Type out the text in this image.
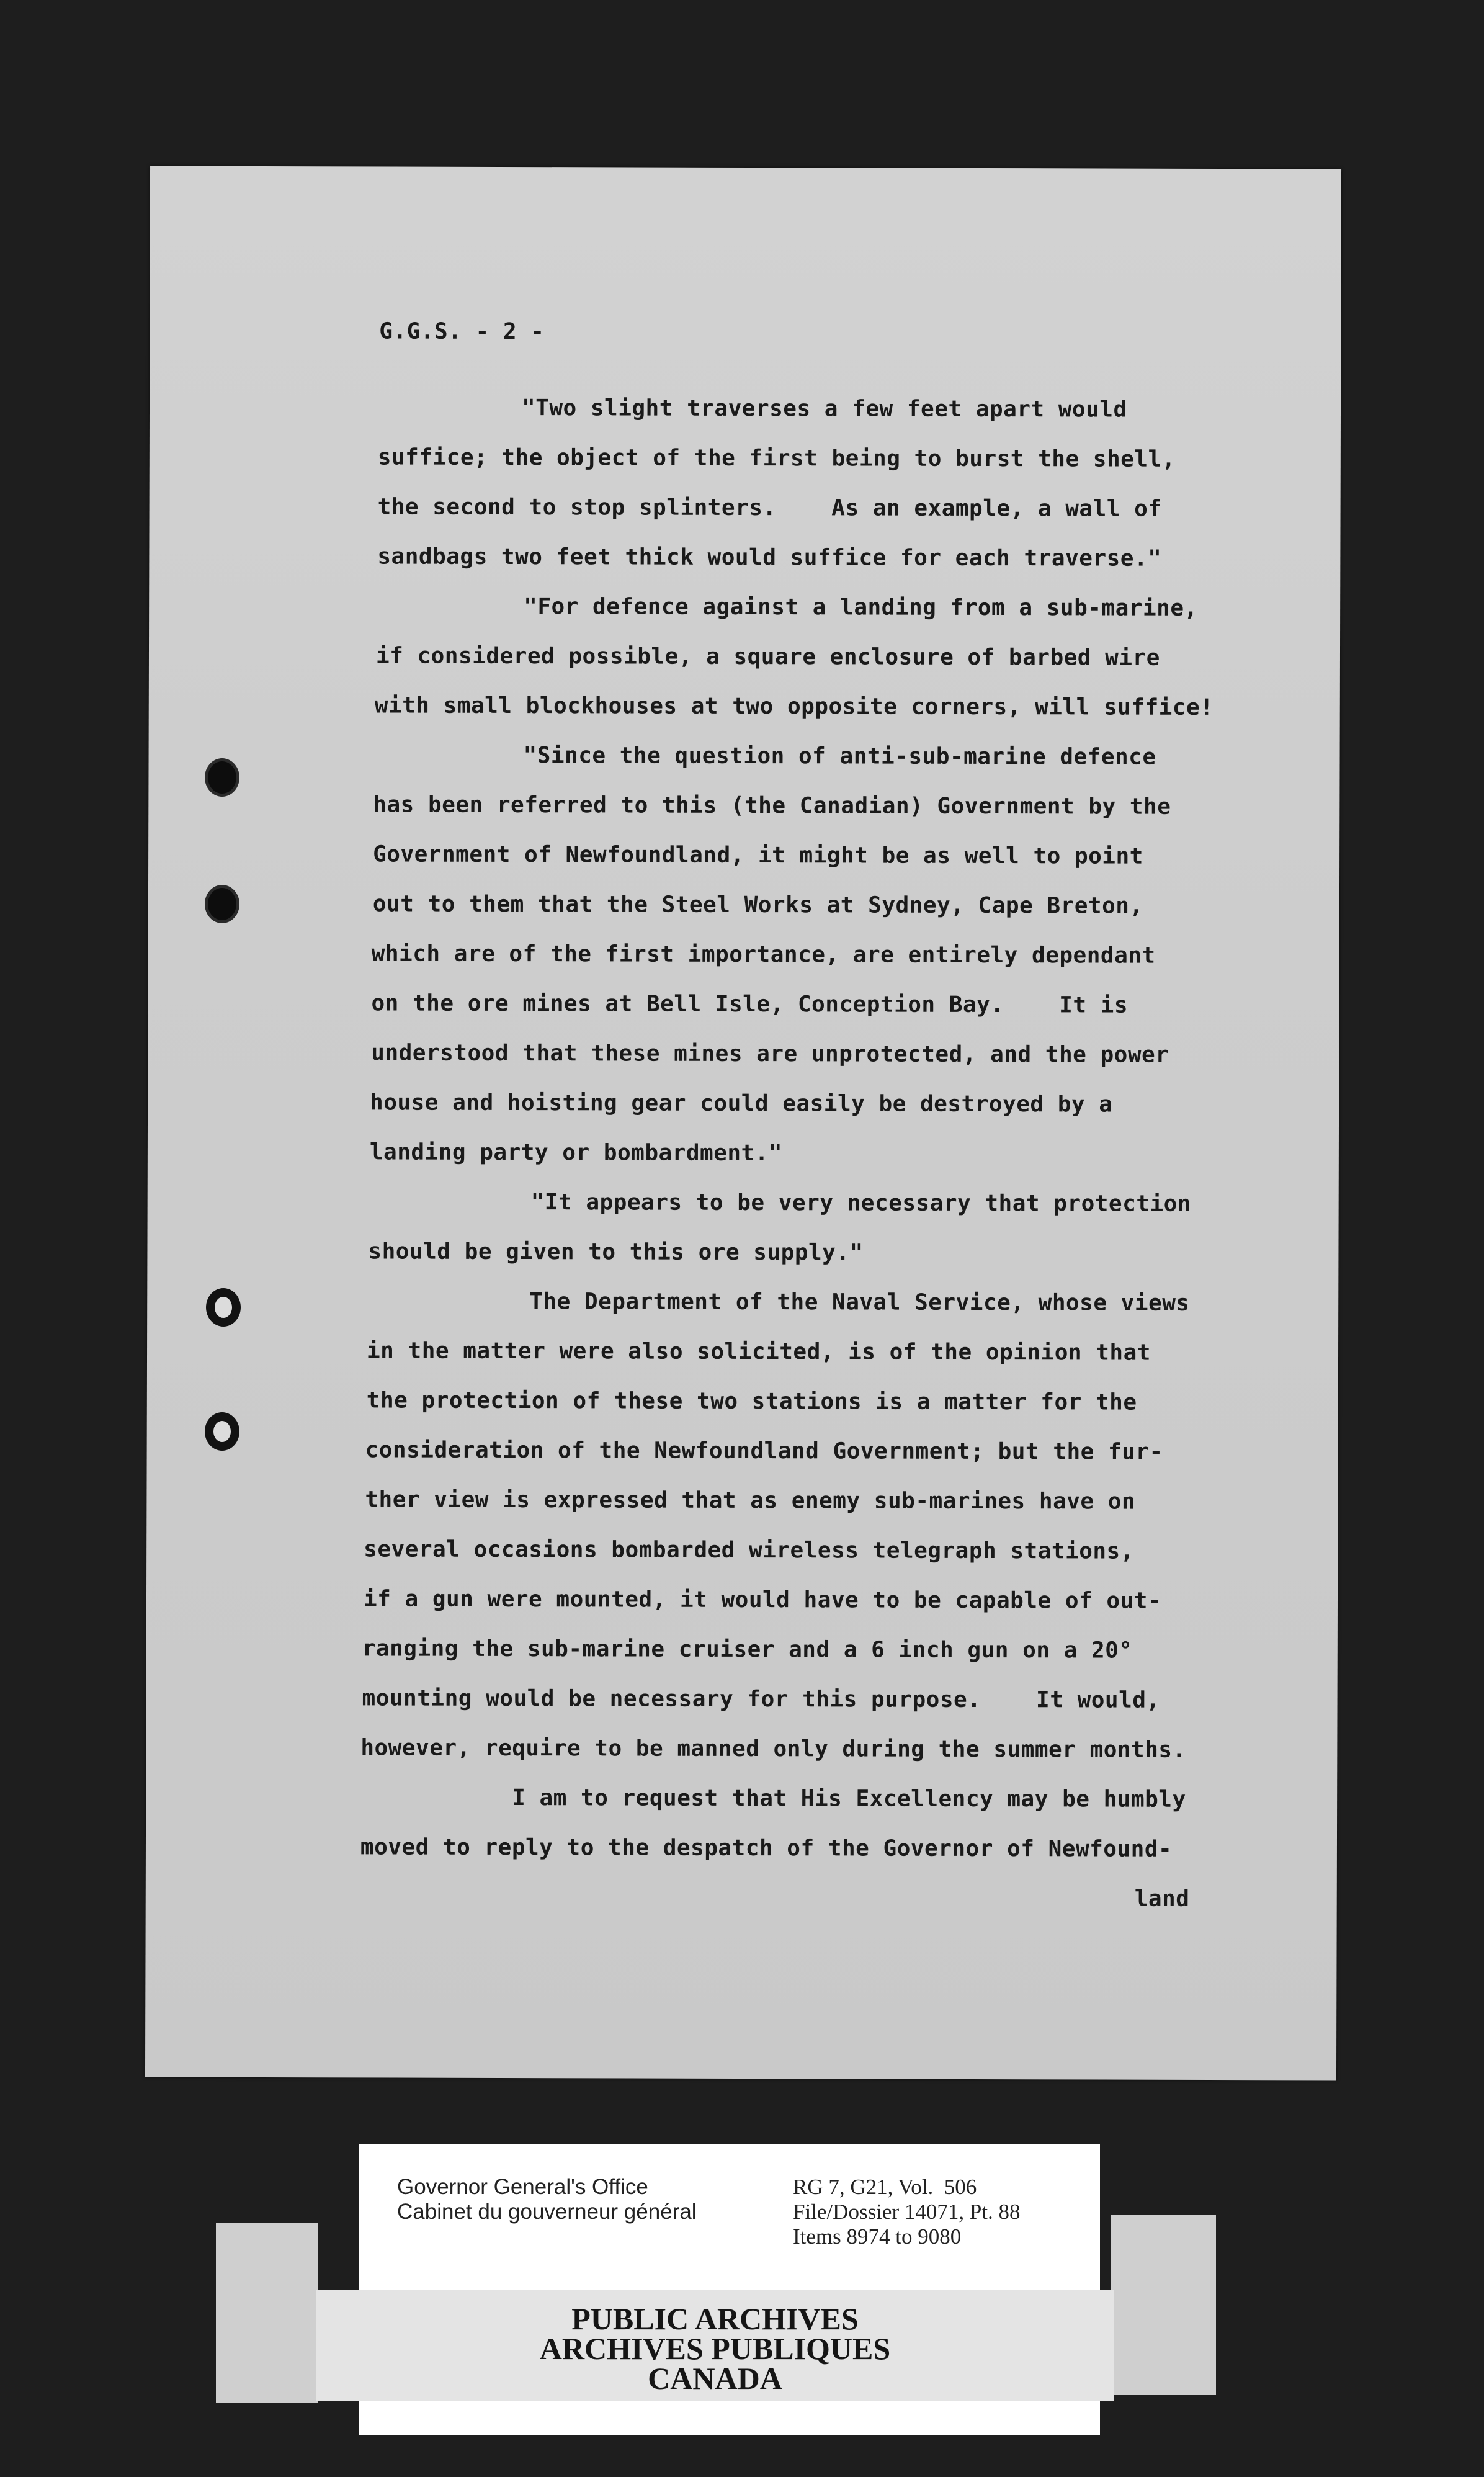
G.G.S. - 2 -
"Two slight traverses a few feet apart would
suffice; the object of the first being to burst the shell,
the second to stop splinters.    As an example, a wall of
sandbags two feet thick would suffice for each traverse."
"For defence against a landing from a sub-marine,
if considered possible, a square enclosure of barbed wire
with small blockhouses at two opposite corners, will suffice!
"Since the question of anti-sub-marine defence
has been referred to this (the Canadian) Government by the
Government of Newfoundland, it might be as well to point
out to them that the Steel Works at Sydney, Cape Breton,
which are of the first importance, are entirely dependant
on the ore mines at Bell Isle, Conception Bay.    It is
understood that these mines are unprotected, and the power
house and hoisting gear could easily be destroyed by a
landing party or bombardment."
"It appears to be very necessary that protection
should be given to this ore supply."
The Department of the Naval Service, whose views
in the matter were also solicited, is of the opinion that
the protection of these two stations is a matter for the
consideration of the Newfoundland Government; but the fur-
ther view is expressed that as enemy sub-marines have on
several occasions bombarded wireless telegraph stations,
if a gun were mounted, it would have to be capable of out-
ranging the sub-marine cruiser and a 6 inch gun on a 20°
mounting would be necessary for this purpose.    It would,
however, require to be manned only during the summer months.
I am to request that His Excellency may be humbly
moved to reply to the despatch of the Governor of Newfound-
land
Governor General's Office
Cabinet du gouverneur général
RG 7, G21, Vol.  506
File/Dossier 14071, Pt. 88
Items 8974 to 9080
PUBLIC ARCHIVES
ARCHIVES PUBLIQUES
CANADA
